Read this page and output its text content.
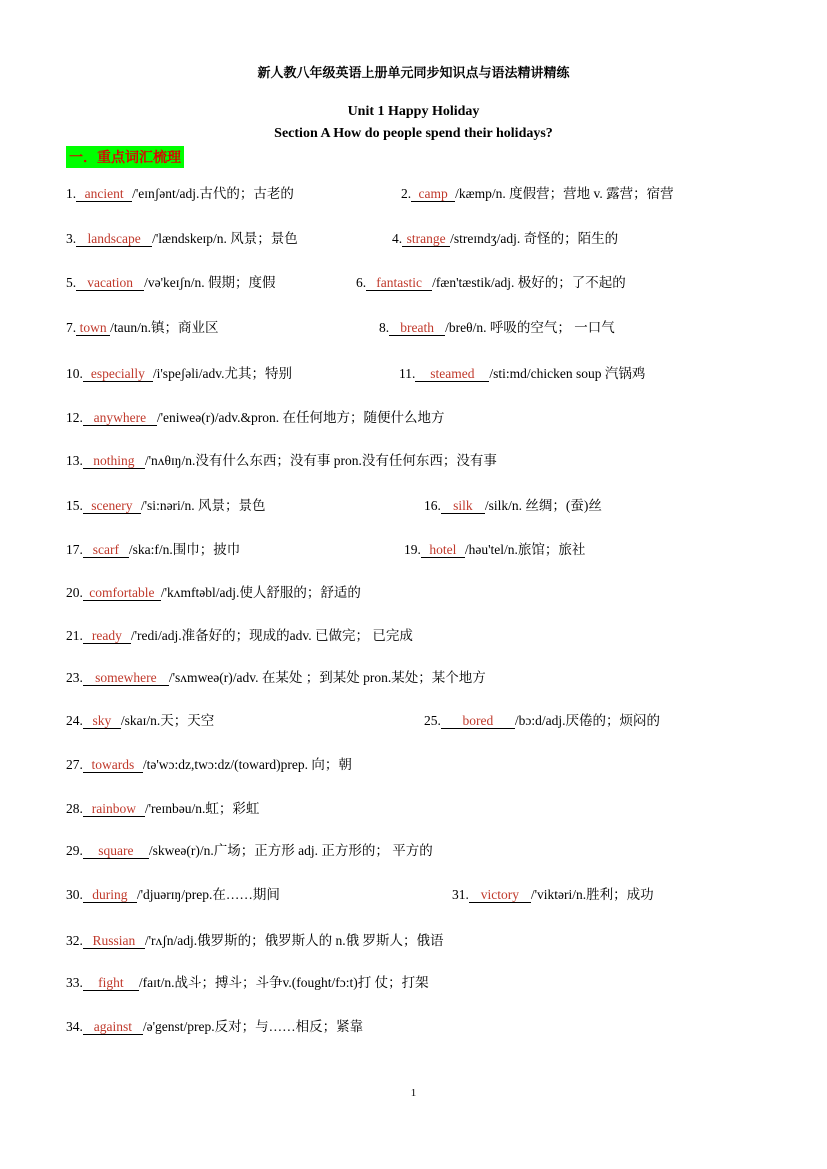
新人教八年级英语上册单元同步知识点与语法精讲精练
Unit 1 Happy Holiday
Section A How do people spend their holidays?
一．重点词汇梳理
1. ancient /'eɪnʃənt/adj.古代的；古老的	2. camp /kæmp/n. 度假营；营地 v. 露营；宿营
3. landscape /'lændskeɪp/n. 风景；景色	4. strange /streɪndʒ/adj. 奇怪的；陌生的
5. vacation /və'keɪʃn/n. 假期；度假	6. fantastic /fæn'tæstik/adj. 极好的；了不起的
7. town /taun/n.镇；商业区	8. breath /breθ/n. 呼吸的空气； 一口气
10. especially /i'speʃəli/adv.尤其；特别	11. steamed /sti:md/chicken soup 汽锅鸡
12. anywhere /'eniweə(r)/adv.&pron. 在任何地方；随便什么地方
13. nothing /'nʌθɪŋ/n.没有什么东西；没有事 pron.没有任何东西；没有事
15. scenery /'si:nəri/n. 风景；景色	16. silk /silk/n. 丝绸；(蚕)丝
17. scarf /ska:f/n.围巾；披巾	19. hotel /həu'tel/n.旅馆；旅社
20. comfortable /'kʌmftəbl/adj.使人舒服的；舒适的
21. ready /'redi/adj.准备好的；现成的adv. 已做完； 已完成
23. somewhere /'sʌmweə(r)/adv. 在某处 ；到某处 pron.某处；某个地方
24. sky /skaɪ/n.天；天空	25. bored /bɔ:d/adj.厌倦的；烦闷的
27. towards /tə'wɔ:dz,twɔ:dz/(toward)prep. 向；朝
28. rainbow /'reɪnbəu/n.虹；彩虹
29. square /skweə(r)/n.广场；正方形 adj. 正方形的； 平方的
30. during /'djuərɪŋ/prep.在……期间	31. victory /'viktəri/n.胜利；成功
32. Russian /'rʌʃn/adj.俄罗斯的；俄罗斯人的 n.俄 罗斯人；俄语
33. fight /faɪt/n.战斗；搏斗；斗争v.(fought/fɔ:t)打 仗；打架
34. against /ə'genst/prep.反对；与……相反；紧靠
1
